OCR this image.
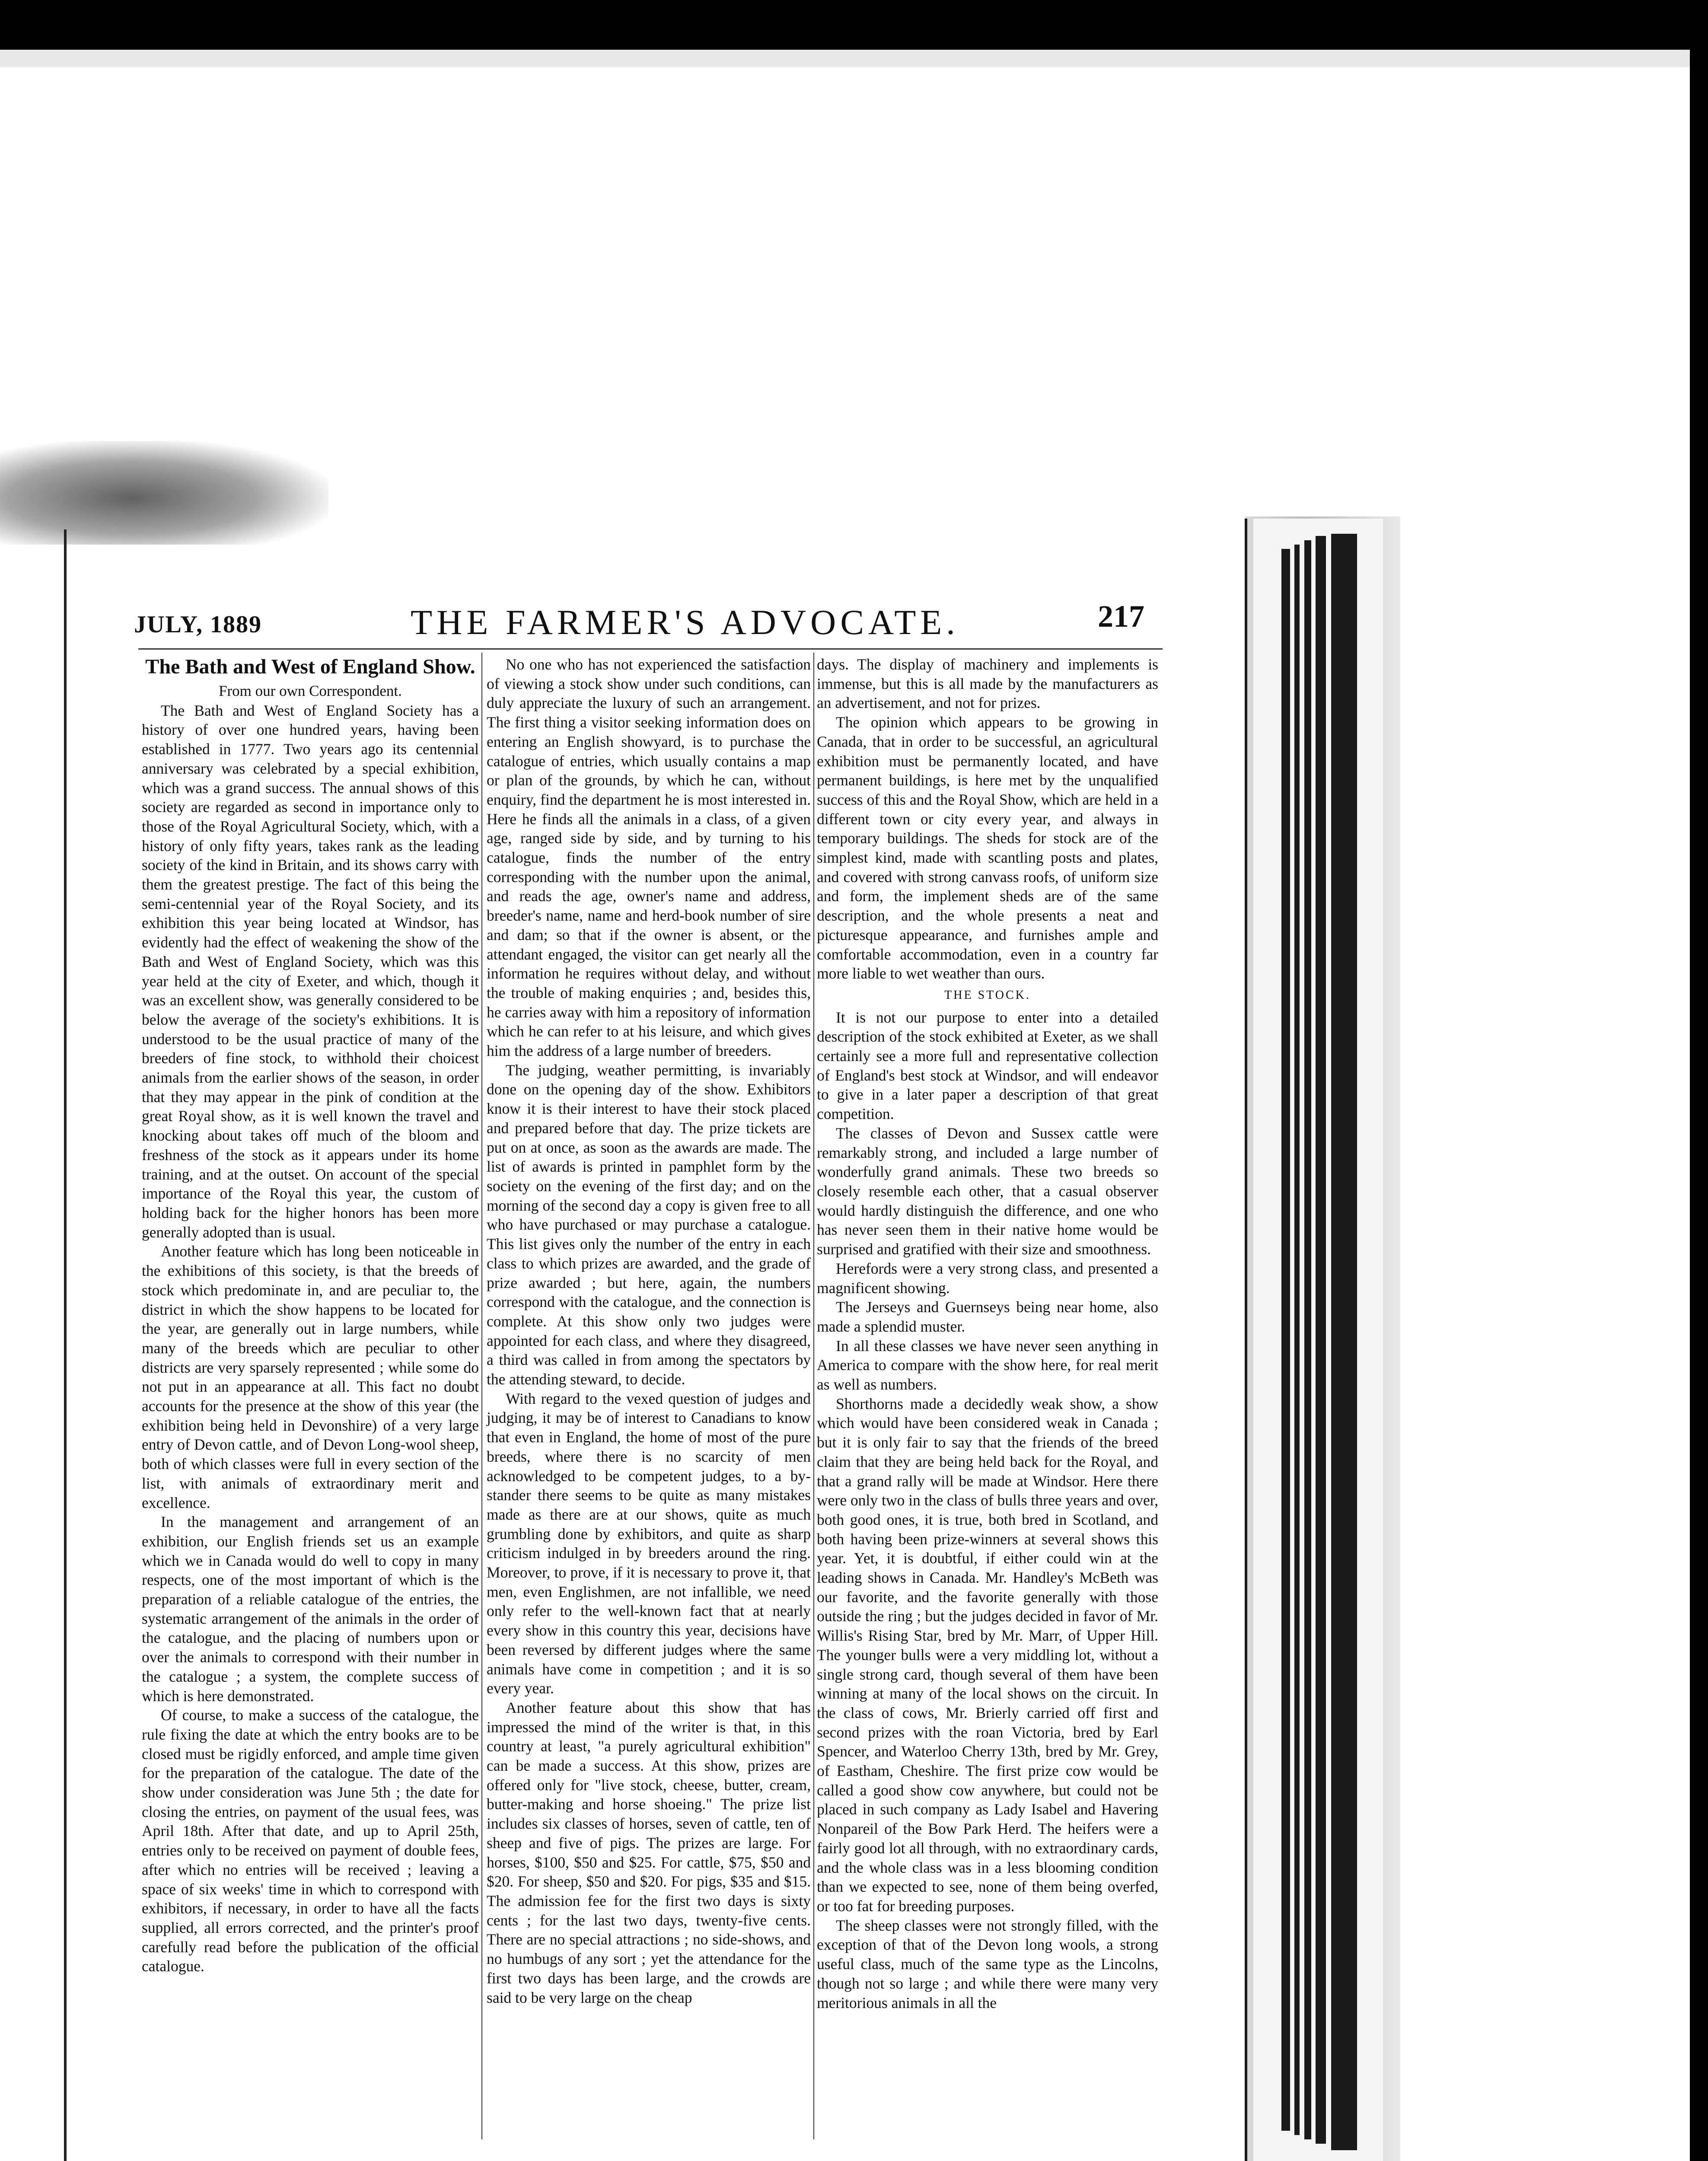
JULY, 1889	THE FARMER'S ADVOCATE.	217
The Bath and West of England Show.

From our own Correspondent.

The Bath and West of England Society has a history of over one hundred years, having been established in 1777. Two years ago its centennial anniversary was celebrated by a special exhibition, which was a grand success. The annual shows of this society are regarded as second in importance only to those of the Royal Agricultural Society, which, with a history of only fifty years, takes rank as the leading society of the kind in Britain, and its shows carry with them the greatest prestige. The fact of this being the semi-centennial year of the Royal Society, and its exhibition this year being located at Windsor, has evidently had the effect of weakening the show of the Bath and West of England Society, which was this year held at the city of Exeter, and which, though it was an excellent show, was generally considered to be below the average of the society's exhibitions. It is understood to be the usual practice of many of the breeders of fine stock, to withhold their choicest animals from the earlier shows of the season, in order that they may appear in the pink of condition at the great Royal show, as it is well known the travel and knocking about takes off much of the bloom and freshness of the stock as it appears under its home training, and at the outset. On account of the special importance of the Royal this year, the custom of holding back for the higher honors has been more generally adopted than is usual.

Another feature which has long been noticeable in the exhibitions of this society, is that the breeds of stock which predominate in, and are peculiar to, the district in which the show happens to be located for the year, are generally out in large numbers, while many of the breeds which are peculiar to other districts are very sparsely represented ; while some do not put in an appearance at all. This fact no doubt accounts for the presence at the show of this year (the exhibition being held in Devonshire) of a very large entry of Devon cattle, and of Devon Long-wool sheep, both of which classes were full in every section of the list, with animals of extraordinary merit and excellence.

In the management and arrangement of an exhibition, our English friends set us an example which we in Canada would do well to copy in many respects, one of the most important of which is the preparation of a reliable catalogue of the entries, the systematic arrangement of the animals in the order of the catalogue, and the placing of numbers upon or over the animals to correspond with their number in the catalogue ; a system, the complete success of which is here demonstrated.

Of course, to make a success of the catalogue, the rule fixing the date at which the entry books are to be closed must be rigidly enforced, and ample time given for the preparation of the catalogue. The date of the show under consideration was June 5th ; the date for closing the entries, on payment of the usual fees, was April 18th. After that date, and up to April 25th, entries only to be received on payment of double fees, after which no entries will be received ; leaving a space of six weeks' time in which to correspond with exhibitors, if necessary, in order to have all the facts supplied, all errors corrected, and the printer's proof carefully read before the publication of the official catalogue.

No one who has not experienced the satisfaction of viewing a stock show under such conditions, can duly appreciate the luxury of such an arrangement. The first thing a visitor seeking information does on entering an English showyard, is to purchase the catalogue of entries, which usually contains a map or plan of the grounds, by which he can, without enquiry, find the department he is most interested in. Here he finds all the animals in a class, of a given age, ranged side by side, and by turning to his catalogue, finds the number of the entry corresponding with the number upon the animal, and reads the age, owner's name and address, breeder's name, name and herd-book number of sire and dam; so that if the owner is absent, or the attendant engaged, the visitor can get nearly all the information he requires without delay, and without the trouble of making enquiries ; and, besides this, he carries away with him a repository of information which he can refer to at his leisure, and which gives him the address of a large number of breeders.

The judging, weather permitting, is invariably done on the opening day of the show. Exhibitors know it is their interest to have their stock placed and prepared before that day. The prize tickets are put on at once, as soon as the awards are made. The list of awards is printed in pamphlet form by the society on the evening of the first day; and on the morning of the second day a copy is given free to all who have purchased or may purchase a catalogue. This list gives only the number of the entry in each class to which prizes are awarded, and the grade of prize awarded ; but here, again, the numbers correspond with the catalogue, and the connection is complete. At this show only two judges were appointed for each class, and where they disagreed, a third was called in from among the spectators by the attending steward, to decide.

With regard to the vexed question of judges and judging, it may be of interest to Canadians to know that even in England, the home of most of the pure breeds, where there is no scarcity of men acknowledged to be competent judges, to a by-stander there seems to be quite as many mistakes made as there are at our shows, quite as much grumbling done by exhibitors, and quite as sharp criticism indulged in by breeders around the ring. Moreover, to prove, if it is necessary to prove it, that men, even Englishmen, are not infallible, we need only refer to the well-known fact that at nearly every show in this country this year, decisions have been reversed by different judges where the same animals have come in competition ; and it is so every year.

Another feature about this show that has impressed the mind of the writer is that, in this country at least, "a purely agricultural exhibition" can be made a success. At this show, prizes are offered only for "live stock, cheese, butter, cream, butter-making and horse shoeing." The prize list includes six classes of horses, seven of cattle, ten of sheep and five of pigs. The prizes are large. For horses, $100, $50 and $25. For cattle, $75, $50 and $20. For sheep, $50 and $20. For pigs, $35 and $15. The admission fee for the first two days is sixty cents ; for the last two days, twenty-five cents. There are no special attractions ; no side-shows, and no humbugs of any sort ; yet the attendance for the first two days has been large, and the crowds are said to be very large on the cheap

days. The display of machinery and implements is immense, but this is all made by the manufacturers as an advertisement, and not for prizes.

The opinion which appears to be growing in Canada, that in order to be successful, an agricultural exhibition must be permanently located, and have permanent buildings, is here met by the unqualified success of this and the Royal Show, which are held in a different town or city every year, and always in temporary buildings. The sheds for stock are of the simplest kind, made with scantling posts and plates, and covered with strong canvass roofs, of uniform size and form, the implement sheds are of the same description, and the whole presents a neat and picturesque appearance, and furnishes ample and comfortable accommodation, even in a country far more liable to wet weather than ours.

THE STOCK.

It is not our purpose to enter into a detailed description of the stock exhibited at Exeter, as we shall certainly see a more full and representative collection of England's best stock at Windsor, and will endeavor to give in a later paper a description of that great competition.

The classes of Devon and Sussex cattle were remarkably strong, and included a large number of wonderfully grand animals. These two breeds so closely resemble each other, that a casual observer would hardly distinguish the difference, and one who has never seen them in their native home would be surprised and gratified with their size and smoothness.

Herefords were a very strong class, and presented a magnificent showing.

The Jerseys and Guernseys being near home, also made a splendid muster.

In all these classes we have never seen anything in America to compare with the show here, for real merit as well as numbers.

Shorthorns made a decidedly weak show, a show which would have been considered weak in Canada ; but it is only fair to say that the friends of the breed claim that they are being held back for the Royal, and that a grand rally will be made at Windsor. Here there were only two in the class of bulls three years and over, both good ones, it is true, both bred in Scotland, and both having been prize-winners at several shows this year. Yet, it is doubtful, if either could win at the leading shows in Canada. Mr. Handley's McBeth was our favorite, and the favorite generally with those outside the ring ; but the judges decided in favor of Mr. Willis's Rising Star, bred by Mr. Marr, of Upper Hill. The younger bulls were a very middling lot, without a single strong card, though several of them have been winning at many of the local shows on the circuit. In the class of cows, Mr. Brierly carried off first and second prizes with the roan Victoria, bred by Earl Spencer, and Waterloo Cherry 13th, bred by Mr. Grey, of Eastham, Cheshire. The first prize cow would be called a good show cow anywhere, but could not be placed in such company as Lady Isabel and Havering Nonpareil of the Bow Park Herd. The heifers were a fairly good lot all through, with no extraordinary cards, and the whole class was in a less blooming condition than we expected to see, none of them being overfed, or too fat for breeding purposes.

The sheep classes were not strongly filled, with the exception of that of the Devon long wools, a strong useful class, much of the same type as the Lincolns, though not so large ; and while there were many very meritorious animals in all the
